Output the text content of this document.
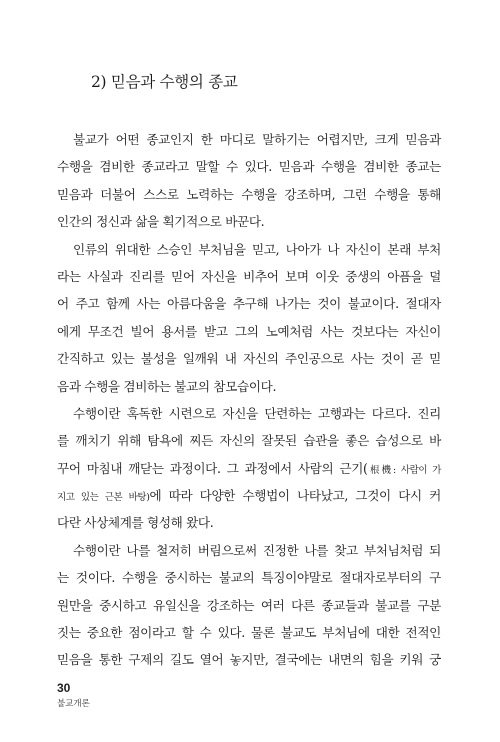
2) 믿음과 수행의 종교
불교가 어떤 종교인지 한 마디로 말하기는 어렵지만, 크게 믿음과
수행을 겸비한 종교라고 말할 수 있다. 믿음과 수행을 겸비한 종교는
믿음과 더불어 스스로 노력하는 수행을 강조하며, 그런 수행을 통해
인간의 정신과 삶을 획기적으로 바꾼다.
인류의 위대한 스승인 부처님을 믿고, 나아가 나 자신이 본래 부처
라는 사실과 진리를 믿어 자신을 비추어 보며 이웃 중생의 아픔을 덜
어 주고 함께 사는 아름다움을 추구해 나가는 것이 불교이다. 절대자
에게 무조건 빌어 용서를 받고 그의 노예처럼 사는 것보다는 자신이
간직하고 있는 불성을 일깨워 내 자신의 주인공으로 사는 것이 곧 믿
음과 수행을 겸비하는 불교의 참모습이다.
수행이란 혹독한 시련으로 자신을 단련하는 고행과는 다르다. 진리
를 깨치기 위해 탐욕에 찌든 자신의 잘못된 습관을 좋은 습성으로 바
꾸어 마침내 깨닫는 과정이다. 그 과정에서 사람의 근기(根機: 사람이 가
지고 있는 근본 바탕)에 따라 다양한 수행법이 나타났고, 그것이 다시 커
다란 사상체계를 형성해 왔다.
수행이란 나를 철저히 버림으로써 진정한 나를 찾고 부처님처럼 되
는 것이다. 수행을 중시하는 불교의 특징이야말로 절대자로부터의 구
원만을 중시하고 유일신을 강조하는 여러 다른 종교들과 불교를 구분
짓는 중요한 점이라고 할 수 있다. 물론 불교도 부처님에 대한 전적인
믿음을 통한 구제의 길도 열어 놓지만, 결국에는 내면의 힘을 키워 궁
30
불교개론
